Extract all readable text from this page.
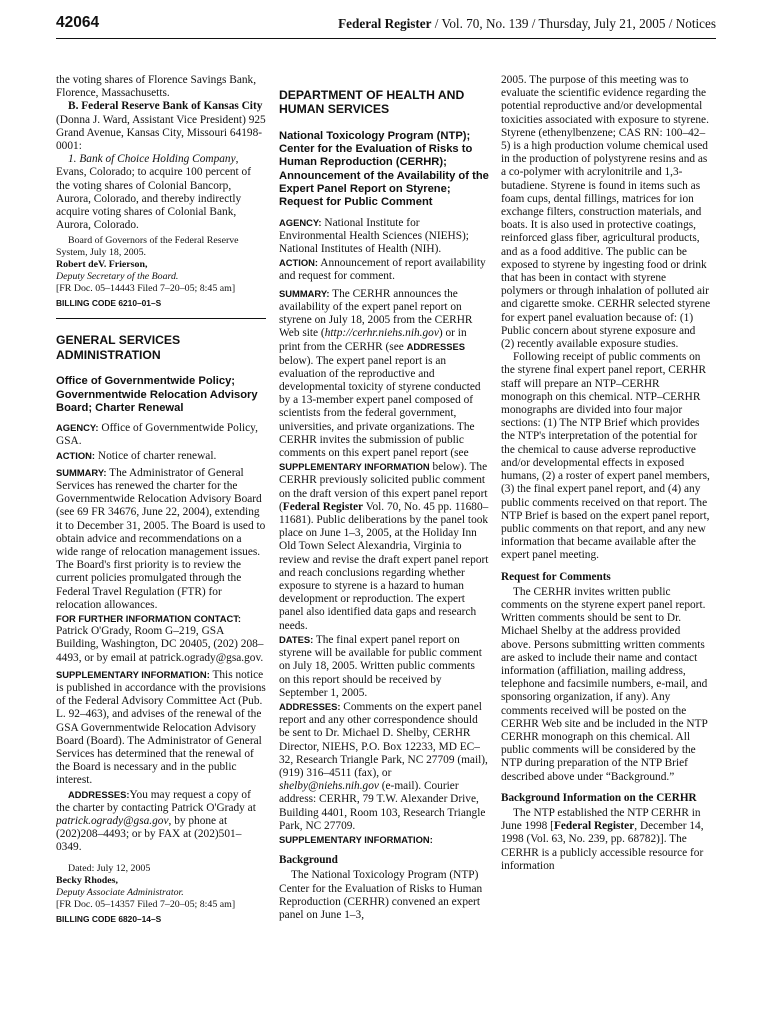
42064	Federal Register / Vol. 70, No. 139 / Thursday, July 21, 2005 / Notices

the voting shares of Florence Savings Bank, Florence, Massachusetts.

B. Federal Reserve Bank of Kansas City (Donna J. Ward, Assistant Vice President) 925 Grand Avenue, Kansas City, Missouri 64198-0001:

1. Bank of Choice Holding Company, Evans, Colorado; to acquire 100 percent of the voting shares of Colonial Bancorp, Aurora, Colorado, and thereby indirectly acquire voting shares of Colonial Bank, Aurora, Colorado.

Board of Governors of the Federal Reserve System, July 18, 2005.

Robert deV. Frierson,

Deputy Secretary of the Board.

[FR Doc. 05–14443 Filed 7–20–05; 8:45 am]

BILLING CODE 6210–01–S

GENERAL SERVICES ADMINISTRATION

Office of Governmentwide Policy; Governmentwide Relocation Advisory Board; Charter Renewal

AGENCY: Office of Governmentwide Policy, GSA.

ACTION: Notice of charter renewal.

SUMMARY: The Administrator of General Services has renewed the charter for the Governmentwide Relocation Advisory Board (see 69 FR 34676, June 22, 2004), extending it to December 31, 2005. The Board is used to obtain advice and recommendations on a wide range of relocation management issues. The Board's first priority is to review the current policies promulgated through the Federal Travel Regulation (FTR) for relocation allowances.

FOR FURTHER INFORMATION CONTACT:

Patrick O'Grady, Room G–219, GSA Building, Washington, DC 20405, (202) 208–4493, or by email at patrick.ogrady@gsa.gov.

SUPPLEMENTARY INFORMATION: This notice is published in accordance with the provisions of the Federal Advisory Committee Act (Pub. L. 92–463), and advises of the renewal of the GSA Governmentwide Relocation Advisory Board (Board). The Administrator of General Services has determined that the renewal of the Board is necessary and in the public interest.

ADDRESSES:You may request a copy of the charter by contacting Patrick O'Grady at patrick.ogrady@gsa.gov, by phone at (202)208–4493; or by FAX at (202)501–0349.

Dated: July 12, 2005

Becky Rhodes,

Deputy Associate Administrator.

[FR Doc. 05–14357 Filed 7–20–05; 8:45 am]

BILLING CODE 6820–14–S

DEPARTMENT OF HEALTH AND HUMAN SERVICES

National Toxicology Program (NTP); Center for the Evaluation of Risks to Human Reproduction (CERHR); Announcement of the Availability of the Expert Panel Report on Styrene; Request for Public Comment

AGENCY: National Institute for Environmental Health Sciences (NIEHS); National Institutes of Health (NIH).

ACTION: Announcement of report availability and request for comment.

SUMMARY: The CERHR announces the availability of the expert panel report on styrene on July 18, 2005 from the CERHR Web site (http://cerhr.niehs.nih.gov) or in print from the CERHR (see ADDRESSES below). The expert panel report is an evaluation of the reproductive and developmental toxicity of styrene conducted by a 13-member expert panel composed of scientists from the federal government, universities, and private organizations. The CERHR invites the submission of public comments on this expert panel report (see SUPPLEMENTARY INFORMATION below). The CERHR previously solicited public comment on the draft version of this expert panel report (Federal Register Vol. 70, No. 45 pp. 11680–11681). Public deliberations by the panel took place on June 1–3, 2005, at the Holiday Inn Old Town Select Alexandria, Virginia to review and revise the draft expert panel report and reach conclusions regarding whether exposure to styrene is a hazard to human development or reproduction. The expert panel also identified data gaps and research needs.

DATES: The final expert panel report on styrene will be available for public comment on July 18, 2005. Written public comments on this report should be received by September 1, 2005.

ADDRESSES: Comments on the expert panel report and any other correspondence should be sent to Dr. Michael D. Shelby, CERHR Director, NIEHS, P.O. Box 12233, MD EC–32, Research Triangle Park, NC 27709 (mail), (919) 316–4511 (fax), or shelby@niehs.nih.gov (e-mail). Courier address: CERHR, 79 T.W. Alexander Drive, Building 4401, Room 103, Research Triangle Park, NC 27709.

SUPPLEMENTARY INFORMATION:

Background

The National Toxicology Program (NTP) Center for the Evaluation of Risks to Human Reproduction (CERHR) convened an expert panel on June 1–3,

2005. The purpose of this meeting was to evaluate the scientific evidence regarding the potential reproductive and/or developmental toxicities associated with exposure to styrene. Styrene (ethenylbenzene; CAS RN: 100–42–5) is a high production volume chemical used in the production of polystyrene resins and as a co-polymer with acrylonitrile and 1,3-butadiene. Styrene is found in items such as foam cups, dental fillings, matrices for ion exchange filters, construction materials, and boats. It is also used in protective coatings, reinforced glass fiber, agricultural products, and as a food additive. The public can be exposed to styrene by ingesting food or drink that has been in contact with styrene polymers or through inhalation of polluted air and cigarette smoke. CERHR selected styrene for expert panel evaluation because of: (1) Public concern about styrene exposure and (2) recently available exposure studies.

Following receipt of public comments on the styrene final expert panel report, CERHR staff will prepare an NTP–CERHR monograph on this chemical. NTP–CERHR monographs are divided into four major sections: (1) The NTP Brief which provides the NTP's interpretation of the potential for the chemical to cause adverse reproductive and/or developmental effects in exposed humans, (2) a roster of expert panel members, (3) the final expert panel report, and (4) any public comments received on that report. The NTP Brief is based on the expert panel report, public comments on that report, and any new information that became available after the expert panel meeting.

Request for Comments

The CERHR invites written public comments on the styrene expert panel report. Written comments should be sent to Dr. Michael Shelby at the address provided above. Persons submitting written comments are asked to include their name and contact information (affiliation, mailing address, telephone and facsimile numbers, e-mail, and sponsoring organization, if any). Any comments received will be posted on the CERHR Web site and be included in the NTP CERHR monograph on this chemical. All public comments will be considered by the NTP during preparation of the NTP Brief described above under “Background.”

Background Information on the CERHR

The NTP established the NTP CERHR in June 1998 [Federal Register, December 14, 1998 (Vol. 63, No. 239, pp. 68782)]. The CERHR is a publicly accessible resource for information
